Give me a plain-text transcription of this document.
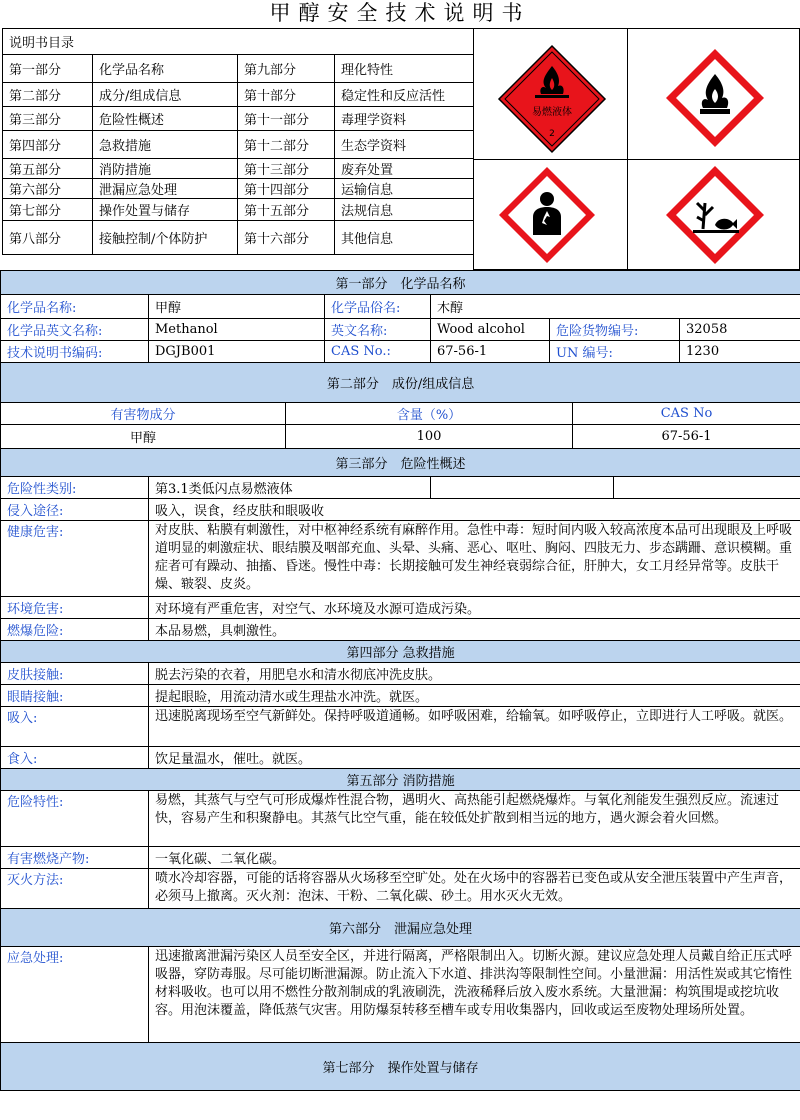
甲醇安全技术说明书
说明书目录			
第一部分	化学品名称	第九部分	理化特性
第二部分	成分/组成信息	第十部分	稳定性和反应活性
第三部分	危险性概述	第十一部分	毒理学资料
第四部分	急救措施	第十二部分	生态学资料
第五部分	消防措施	第十三部分	废弃处置
第六部分	泄漏应急处理	第十四部分	运输信息
第七部分	操作处置与储存	第十五部分	法规信息
第八部分	接触控制/个体防护	第十六部分	其他信息
易燃液体
2
第一部分　化学品名称					
化学品名称:	甲醇	化学品俗名:	木醇		
化学品英文名称:	Methanol	英文名称:	Wood alcohol	危险货物编号:	32058
技术说明书编码:	DGJB001	CAS No.:	67-56-1	UN 编号:	1230
第二部分　成份/组成信息		
有害物成分	含量（%）	CAS No
甲醇	100	67-56-1
第三部分　危险性概述			
危险性类别:	第3.1类低闪点易燃液体		
侵入途径:	吸入，误食，经皮肤和眼吸收		
健康危害:	对皮肤、粘膜有刺激性，对中枢神经系统有麻醉作用。急性中毒：短时间内吸入较高浓度本品可出现眼及上呼吸道明显的刺激症状、眼结膜及咽部充血、头晕、头痛、恶心、呕吐、胸闷、四肢无力、步态蹒跚、意识模糊。重症者可有躁动、抽搐、昏迷。慢性中毒：长期接触可发生神经衰弱综合征，肝肿大，女工月经异常等。皮肤干燥、皲裂、皮炎。		
环境危害:	对环境有严重危害，对空气、水环境及水源可造成污染。		
燃爆危险:	本品易燃，具刺激性。		
第四部分 急救措施			
皮肤接触:	脱去污染的衣着，用肥皂水和清水彻底冲洗皮肤。		
眼睛接触:	提起眼睑，用流动清水或生理盐水冲洗。就医。		
吸入:	迅速脱离现场至空气新鲜处。保持呼吸道通畅。如呼吸困难，给输氧。如呼吸停止，立即进行人工呼吸。就医。		
食入:	饮足量温水，催吐。就医。		
第五部分 消防措施			
危险特性:	易燃，其蒸气与空气可形成爆炸性混合物，遇明火、高热能引起燃烧爆炸。与氧化剂能发生强烈反应。流速过快，容易产生和积聚静电。其蒸气比空气重，能在较低处扩散到相当远的地方，遇火源会着火回燃。		
有害燃烧产物:	一氧化碳、二氧化碳。		
灭火方法:	喷水冷却容器，可能的话将容器从火场移至空旷处。处在火场中的容器若已变色或从安全泄压装置中产生声音，必须马上撤离。灭火剂：泡沫、干粉、二氧化碳、砂土。用水灭火无效。		
第六部分　泄漏应急处理			
应急处理:	迅速撤离泄漏污染区人员至安全区，并进行隔离，严格限制出入。切断火源。建议应急处理人员戴自给正压式呼吸器，穿防毒服。尽可能切断泄漏源。防止流入下水道、排洪沟等限制性空间。小量泄漏：用活性炭或其它惰性材料吸收。也可以用不燃性分散剂制成的乳液刷洗，洗液稀释后放入废水系统。大量泄漏：构筑围堤或挖坑收容。用泡沫覆盖，降低蒸气灾害。用防爆泵转移至槽车或专用收集器内，回收或运至废物处理场所处置。		
第七部分　操作处置与储存			
